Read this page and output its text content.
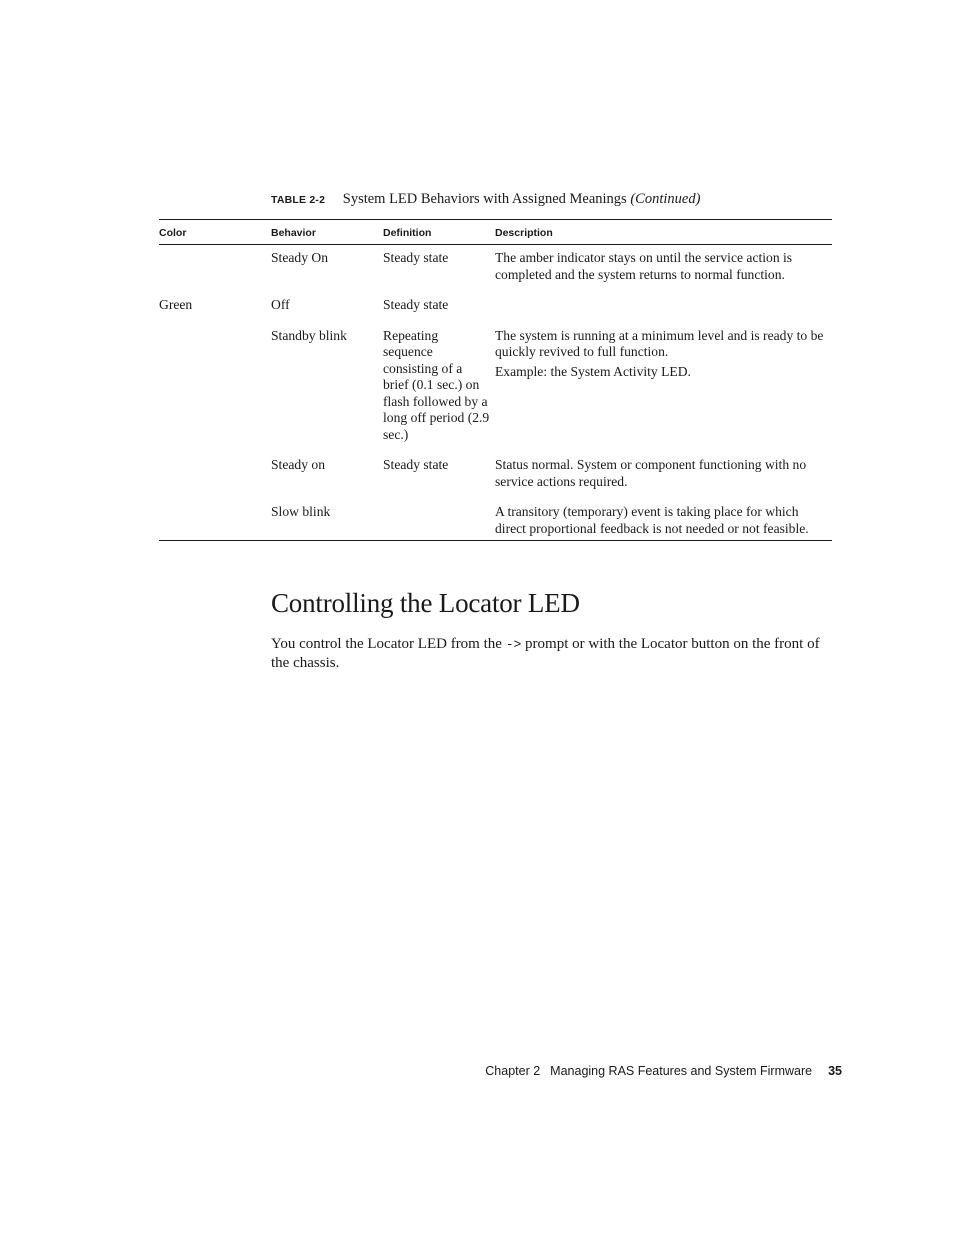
TABLE 2-2 System LED Behaviors with Assigned Meanings (Continued)
Color	Behavior	Definition	Description
	Steady On	Steady state	The amber indicator stays on until the service action is completed and the system returns to normal function.

Green	Off	Steady state	
	Standby blink	Repeating sequence consisting of a brief (0.1 sec.) on flash followed by a long off period (2.9 sec.)	The system is running at a minimum level and is ready to be quickly revived to full function.
Example: the System Activity LED.

	Steady on	Steady state	Status normal. System or component functioning with no service actions required.

	Slow blink		A transitory (temporary) event is taking place for which direct proportional feedback is not needed or not feasible.
Controlling the Locator LED

You control the Locator LED from the -> prompt or with the Locator button on the front of the chassis.

Chapter 2 Managing RAS Features and System Firmware 35
